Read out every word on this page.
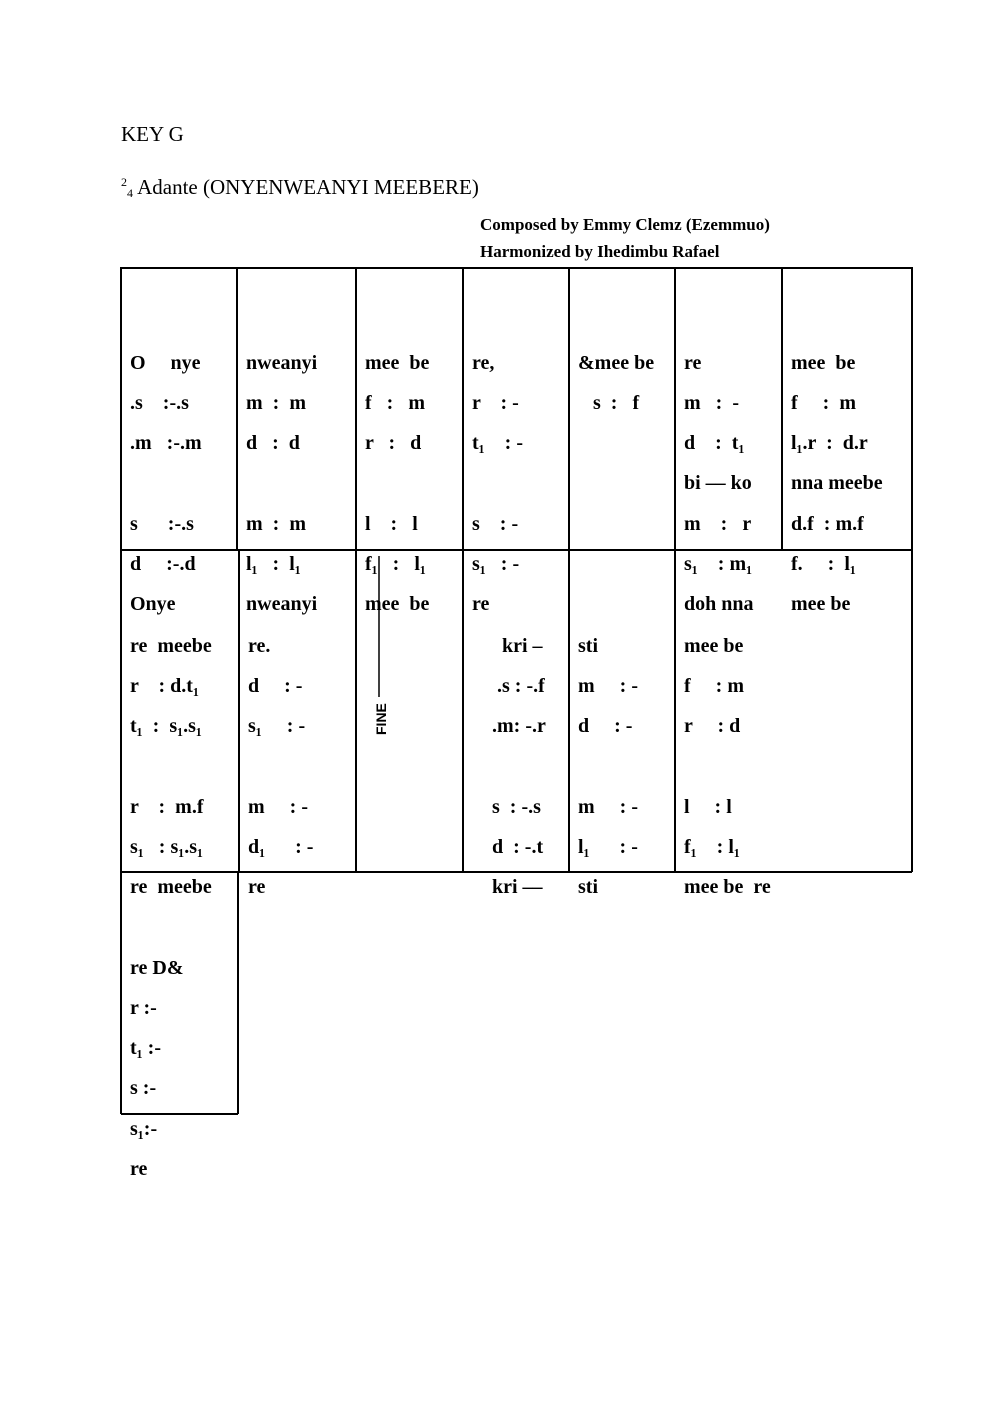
KEY G
$^2_4$ Adante (ONYENWEANYI MEEBERE)
Composed by Emmy Clemz (Ezemmuo)
Harmonized by Ihedimbu Rafael
FINE

O     nye
.s    :-.s
.m   :-.m
s      :-.s
d     :-.d
Onye

nweanyi
m  :  m
d   :  d
m  :  m
l₁   :  l₁
nweanyi

mee  be
f   :   m
r   :   d
l    :   l
f₁   :   l₁
mee  be

re,
r    : -
t₁    : -
s    : -
s₁   : -
re

&mee be
s  :   f

re
m   :  -
d    :  t₁
bi –– ko
m    :   r
s₁    : m₁
doh nna

mee  be
f     :  m
l₁.r  :  d.r
nna meebe
d.f  : m.f
f.     :  l₁
mee be

re  meebe
r    : d.t₁
t₁  :  s₁.s₁
r    :  m.f
s₁   : s₁.s₁
re  meebe

re.
d     : -
s₁     : -
m     : -
d₁      : -
re

kri –
.s : -.f
.m: -.r
s  : -.s
d  : -.t
kri ––

sti
m     : -
d     : -
m     : -
l₁      : -
sti

mee be
f     : m
r     : d
l     : l
f₁    : l₁
mee be  re

re D&
r :-
t₁ :-
s :-
s₁:-
re
